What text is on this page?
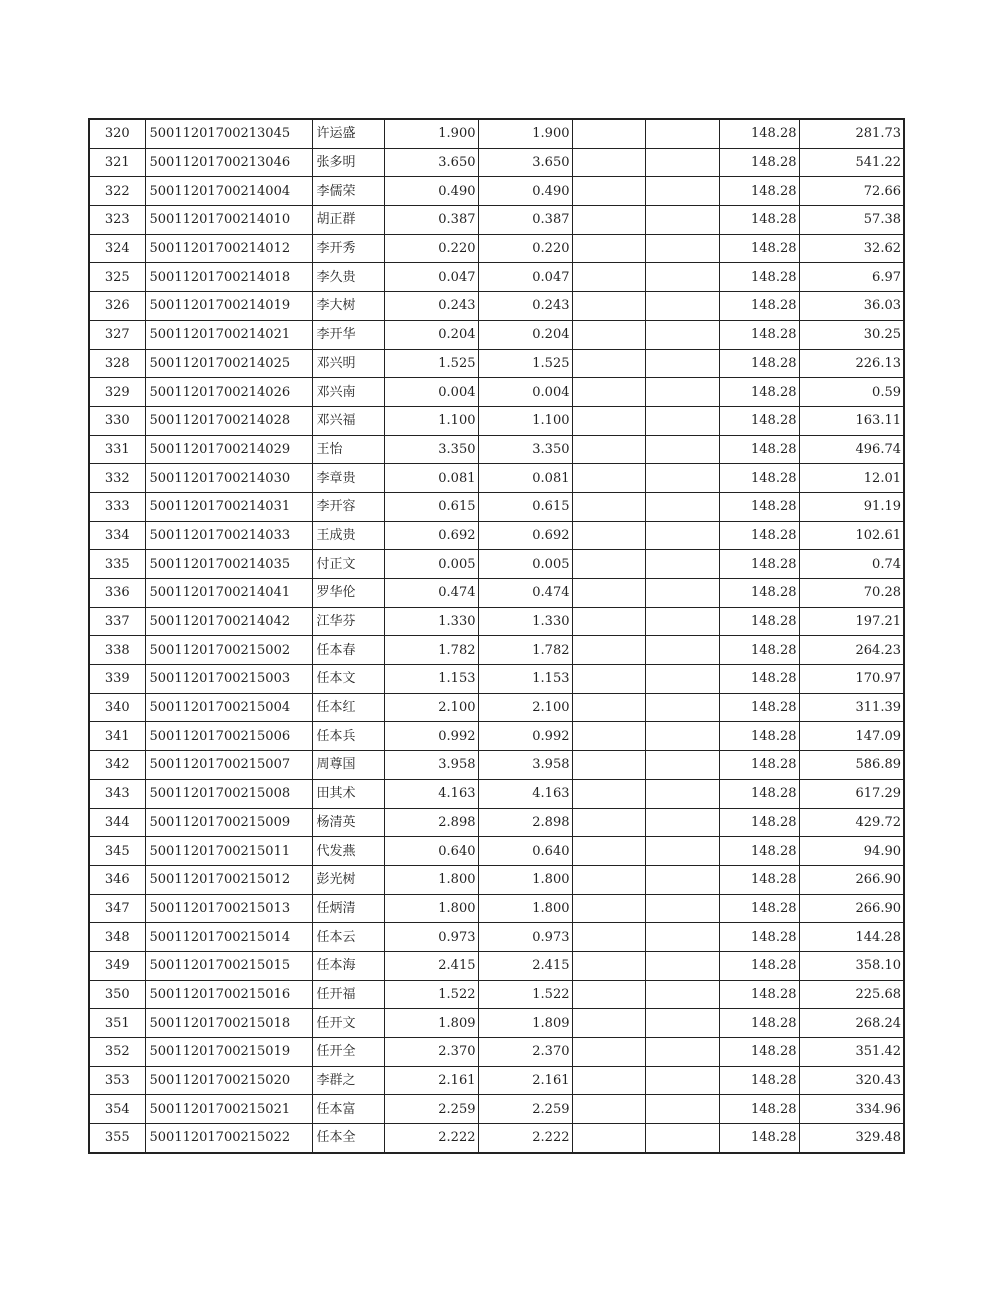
320	50011201700213045	许运盛	1.900	1.900			148.28	281.73
321	50011201700213046	张多明	3.650	3.650			148.28	541.22
322	50011201700214004	李儒荣	0.490	0.490			148.28	72.66
323	50011201700214010	胡正群	0.387	0.387			148.28	57.38
324	50011201700214012	李开秀	0.220	0.220			148.28	32.62
325	50011201700214018	李久贵	0.047	0.047			148.28	6.97
326	50011201700214019	李大树	0.243	0.243			148.28	36.03
327	50011201700214021	李开华	0.204	0.204			148.28	30.25
328	50011201700214025	邓兴明	1.525	1.525			148.28	226.13
329	50011201700214026	邓兴南	0.004	0.004			148.28	0.59
330	50011201700214028	邓兴福	1.100	1.100			148.28	163.11
331	50011201700214029	王怡	3.350	3.350			148.28	496.74
332	50011201700214030	李章贵	0.081	0.081			148.28	12.01
333	50011201700214031	李开容	0.615	0.615			148.28	91.19
334	50011201700214033	王成贵	0.692	0.692			148.28	102.61
335	50011201700214035	付正文	0.005	0.005			148.28	0.74
336	50011201700214041	罗华伦	0.474	0.474			148.28	70.28
337	50011201700214042	江华芬	1.330	1.330			148.28	197.21
338	50011201700215002	任本春	1.782	1.782			148.28	264.23
339	50011201700215003	任本文	1.153	1.153			148.28	170.97
340	50011201700215004	任本红	2.100	2.100			148.28	311.39
341	50011201700215006	任本兵	0.992	0.992			148.28	147.09
342	50011201700215007	周尊国	3.958	3.958			148.28	586.89
343	50011201700215008	田其术	4.163	4.163			148.28	617.29
344	50011201700215009	杨清英	2.898	2.898			148.28	429.72
345	50011201700215011	代发燕	0.640	0.640			148.28	94.90
346	50011201700215012	彭光树	1.800	1.800			148.28	266.90
347	50011201700215013	任炳清	1.800	1.800			148.28	266.90
348	50011201700215014	任本云	0.973	0.973			148.28	144.28
349	50011201700215015	任本海	2.415	2.415			148.28	358.10
350	50011201700215016	任开福	1.522	1.522			148.28	225.68
351	50011201700215018	任开文	1.809	1.809			148.28	268.24
352	50011201700215019	任开全	2.370	2.370			148.28	351.42
353	50011201700215020	李群之	2.161	2.161			148.28	320.43
354	50011201700215021	任本富	2.259	2.259			148.28	334.96
355	50011201700215022	任本全	2.222	2.222			148.28	329.48
